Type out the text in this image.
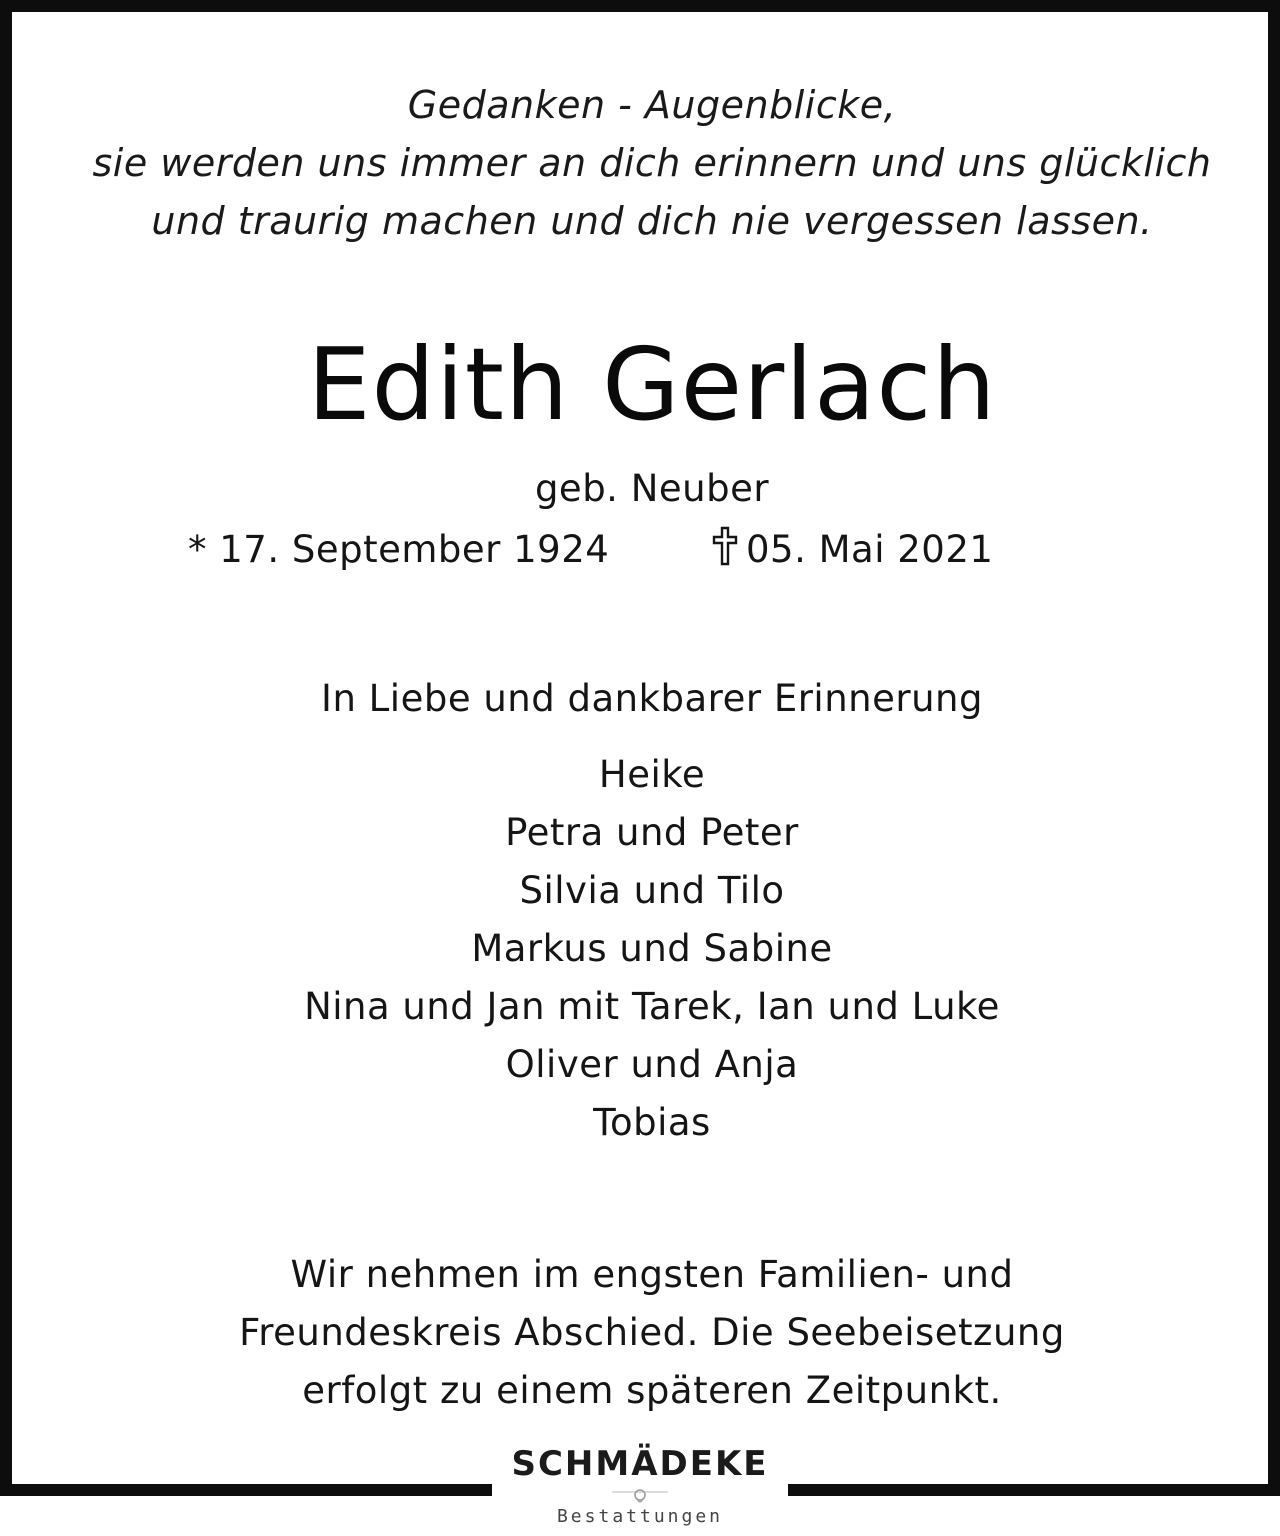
Gedanken - Augenblicke,
sie werden uns immer an dich erinnern und uns glücklich
und traurig machen und dich nie vergessen lassen.
Edith Gerlach
geb. Neuber
* 17. September 1924	05. Mai 2021
In Liebe und dankbarer Erinnerung
Heike
Petra und Peter
Silvia und Tilo
Markus und Sabine
Nina und Jan mit Tarek, Ian und Luke
Oliver und Anja
Tobias
Wir nehmen im engsten Familien- und
Freundeskreis Abschied. Die Seebeisetzung
erfolgt zu einem späteren Zeitpunkt.
SCHMÄDEKE
Bestattungen
